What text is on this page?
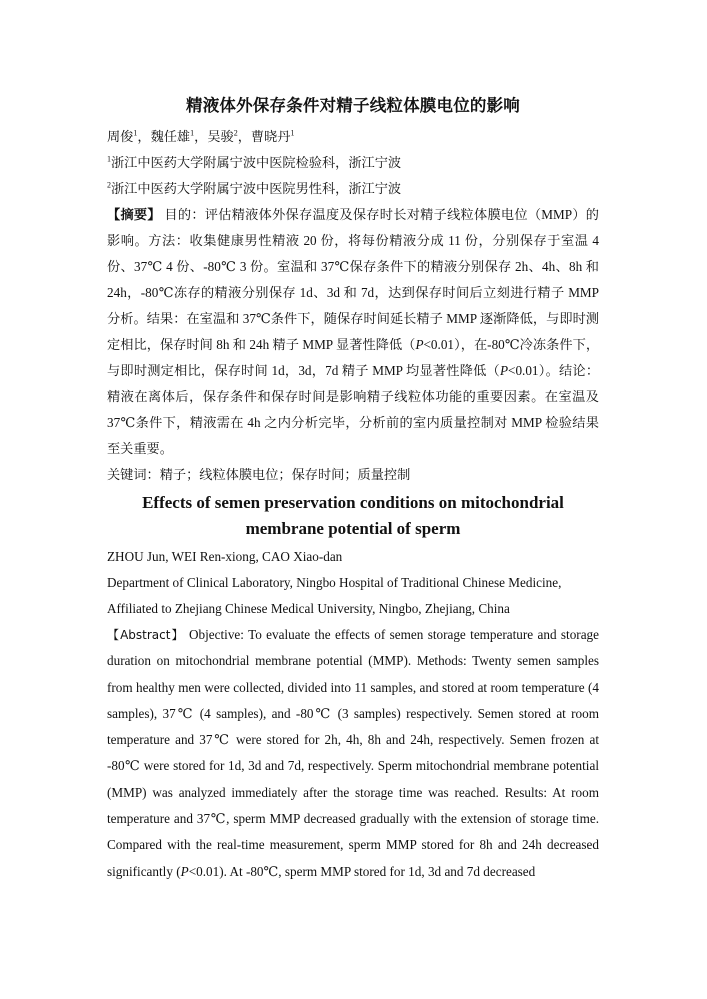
精液体外保存条件对精子线粒体膜电位的影响

周俊$^1$，魏任雄$^1$，吴骏$^2$，曹晓丹$^1$

$^1$浙江中医药大学附属宁波中医院检验科，浙江宁波

$^2$浙江中医药大学附属宁波中医院男性科，浙江宁波

【摘要】 目的：评估精液体外保存温度及保存时长对精子线粒体膜电位（MMP）的影响。方法：收集健康男性精液 20 份，将每份精液分成 11 份，分别保存于室温 4 份、37℃ 4 份、-80℃ 3 份。室温和 37℃保存条件下的精液分别保存 2h、4h、8h 和 24h，-80℃冻存的精液分别保存 1d、3d 和 7d，达到保存时间后立刻进行精子 MMP 分析。结果：在室温和 37℃条件下，随保存时间延长精子 MMP 逐渐降低，与即时测定相比，保存时间 8h 和 24h 精子 MMP 显著性降低（P<0.01），在-80℃冷冻条件下，与即时测定相比，保存时间 1d，3d，7d 精子 MMP 均显著性降低（P<0.01）。结论：精液在离体后，保存条件和保存时间是影响精子线粒体功能的重要因素。在室温及 37℃条件下，精液需在 4h 之内分析完毕，分析前的室内质量控制对 MMP 检验结果至关重要。

关键词：精子；线粒体膜电位；保存时间；质量控制

Effects of semen preservation conditions on mitochondrial
membrane potential of sperm

ZHOU Jun, WEI Ren-xiong, CAO Xiao-dan

Department of Clinical Laboratory, Ningbo Hospital of Traditional Chinese Medicine,

Affiliated to Zhejiang Chinese Medical University, Ningbo, Zhejiang, China

【Abstract】 Objective: To evaluate the effects of semen storage temperature and storage duration on mitochondrial membrane potential (MMP). Methods: Twenty semen samples from healthy men were collected, divided into 11 samples, and stored at room temperature (4 samples), 37℃ (4 samples), and -80℃ (3 samples) respectively. Semen stored at room temperature and 37℃ were stored for 2h, 4h, 8h and 24h, respectively. Semen frozen at -80℃ were stored for 1d, 3d and 7d, respectively. Sperm mitochondrial membrane potential (MMP) was analyzed immediately after the storage time was reached. Results: At room temperature and 37℃, sperm MMP decreased gradually with the extension of storage time. Compared with the real-time measurement, sperm MMP stored for 8h and 24h decreased significantly (P<0.01). At -80℃, sperm MMP stored for 1d, 3d and 7d decreased
